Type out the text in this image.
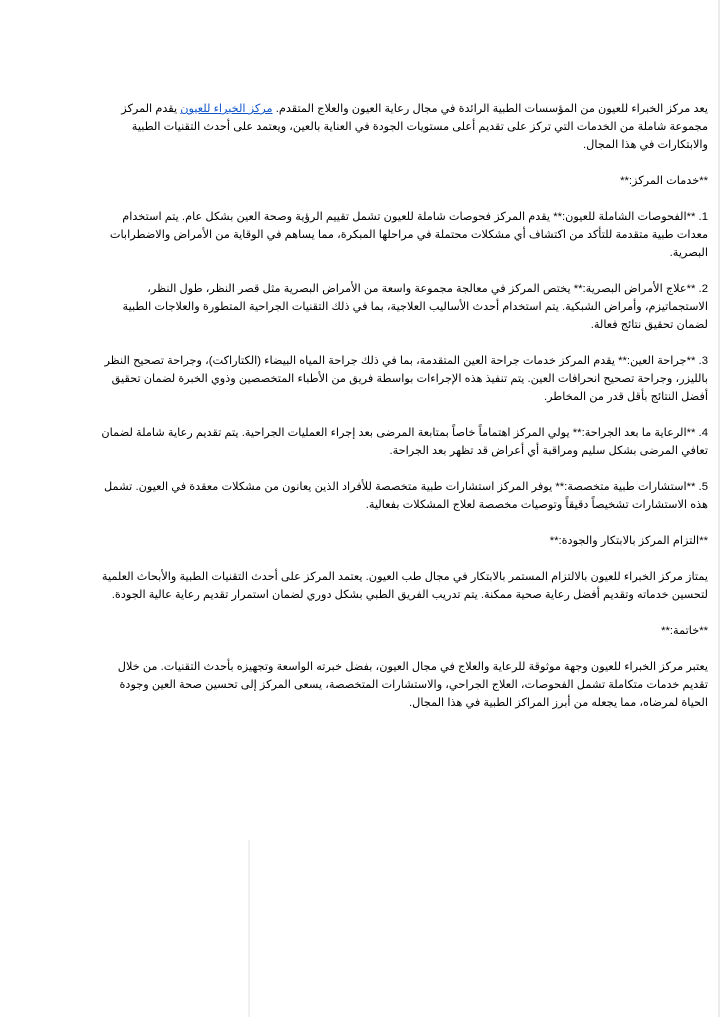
يعد مركز الخبراء للعيون من المؤسسات الطبية الرائدة في مجال رعاية العيون والعلاج المتقدم. مركز الخبراء للعيون يقدم المركز مجموعة شاملة من الخدمات التي تركز على تقديم أعلى مستويات الجودة في العناية بالعين، ويعتمد على أحدث التقنيات الطبية والابتكارات في هذا المجال.

**خدمات المركز:**

1. **الفحوصات الشاملة للعيون:** يقدم المركز فحوصات شاملة للعيون تشمل تقييم الرؤية وصحة العين بشكل عام. يتم استخدام معدات طبية متقدمة للتأكد من اكتشاف أي مشكلات محتملة في مراحلها المبكرة، مما يساهم في الوقاية من الأمراض والاضطرابات البصرية.

2. **علاج الأمراض البصرية:** يختص المركز في معالجة مجموعة واسعة من الأمراض البصرية مثل قصر النظر، طول النظر، الاستجماتيزم، وأمراض الشبكية. يتم استخدام أحدث الأساليب العلاجية، بما في ذلك التقنيات الجراحية المتطورة والعلاجات الطبية لضمان تحقيق نتائج فعالة.

3. **جراحة العين:** يقدم المركز خدمات جراحة العين المتقدمة، بما في ذلك جراحة المياه البيضاء (الكتاراكت)، وجراحة تصحيح النظر بالليزر، وجراحة تصحيح انحرافات العين. يتم تنفيذ هذه الإجراءات بواسطة فريق من الأطباء المتخصصين وذوي الخبرة لضمان تحقيق أفضل النتائج بأقل قدر من المخاطر.

4. **الرعاية ما بعد الجراحة:** يولي المركز اهتماماً خاصاً بمتابعة المرضى بعد إجراء العمليات الجراحية. يتم تقديم رعاية شاملة لضمان تعافي المرضى بشكل سليم ومراقبة أي أعراض قد تظهر بعد الجراحة.

5. **استشارات طبية متخصصة:** يوفر المركز استشارات طبية متخصصة للأفراد الذين يعانون من مشكلات معقدة في العيون. تشمل هذه الاستشارات تشخيصاً دقيقاً وتوصيات مخصصة لعلاج المشكلات بفعالية.

**التزام المركز بالابتكار والجودة:**

يمتاز مركز الخبراء للعيون بالالتزام المستمر بالابتكار في مجال طب العيون. يعتمد المركز على أحدث التقنيات الطبية والأبحاث العلمية لتحسين خدماته وتقديم أفضل رعاية صحية ممكنة. يتم تدريب الفريق الطبي بشكل دوري لضمان استمرار تقديم رعاية عالية الجودة.

**خاتمة:**

يعتبر مركز الخبراء للعيون وجهة موثوقة للرعاية والعلاج في مجال العيون، بفضل خبرته الواسعة وتجهيزه بأحدث التقنيات. من خلال تقديم خدمات متكاملة تشمل الفحوصات، العلاج الجراحي، والاستشارات المتخصصة، يسعى المركز إلى تحسين صحة العين وجودة الحياة لمرضاه، مما يجعله من أبرز المراكز الطبية في هذا المجال.
